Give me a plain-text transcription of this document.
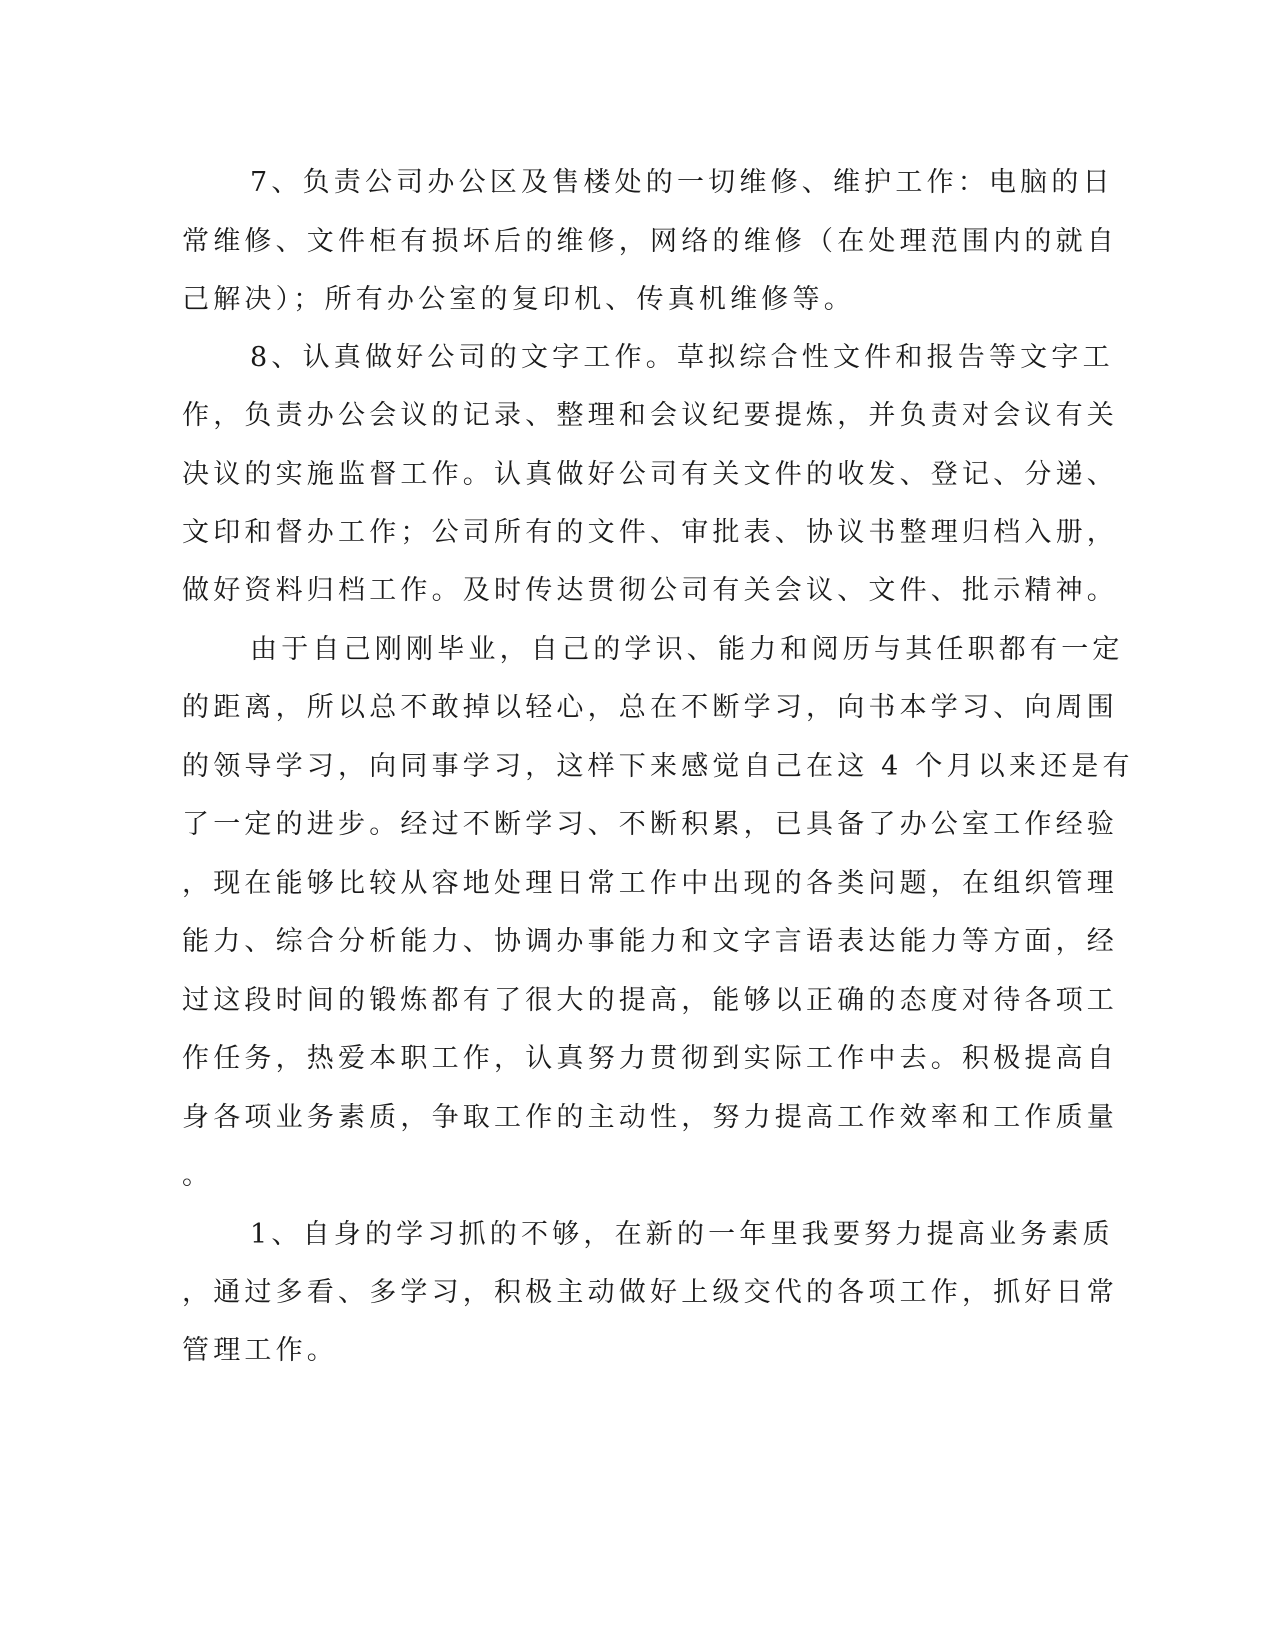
7、负责公司办公区及售楼处的一切维修、维护工作：电脑的日
常维修、文件柜有损坏后的维修，网络的维修（在处理范围内的就自
己解决）；所有办公室的复印机、传真机维修等。
8、认真做好公司的文字工作。草拟综合性文件和报告等文字工
作，负责办公会议的记录、整理和会议纪要提炼，并负责对会议有关
决议的实施监督工作。认真做好公司有关文件的收发、登记、分递、
文印和督办工作；公司所有的文件、审批表、协议书整理归档入册，
做好资料归档工作。及时传达贯彻公司有关会议、文件、批示精神。
由于自己刚刚毕业，自己的学识、能力和阅历与其任职都有一定
的距离，所以总不敢掉以轻心，总在不断学习，向书本学习、向周围
的领导学习，向同事学习，这样下来感觉自己在这 4 个月以来还是有
了一定的进步。经过不断学习、不断积累，已具备了办公室工作经验
，现在能够比较从容地处理日常工作中出现的各类问题，在组织管理
能力、综合分析能力、协调办事能力和文字言语表达能力等方面，经
过这段时间的锻炼都有了很大的提高，能够以正确的态度对待各项工
作任务，热爱本职工作，认真努力贯彻到实际工作中去。积极提高自
身各项业务素质，争取工作的主动性，努力提高工作效率和工作质量
。
1、自身的学习抓的不够，在新的一年里我要努力提高业务素质
，通过多看、多学习，积极主动做好上级交代的各项工作，抓好日常
管理工作。
